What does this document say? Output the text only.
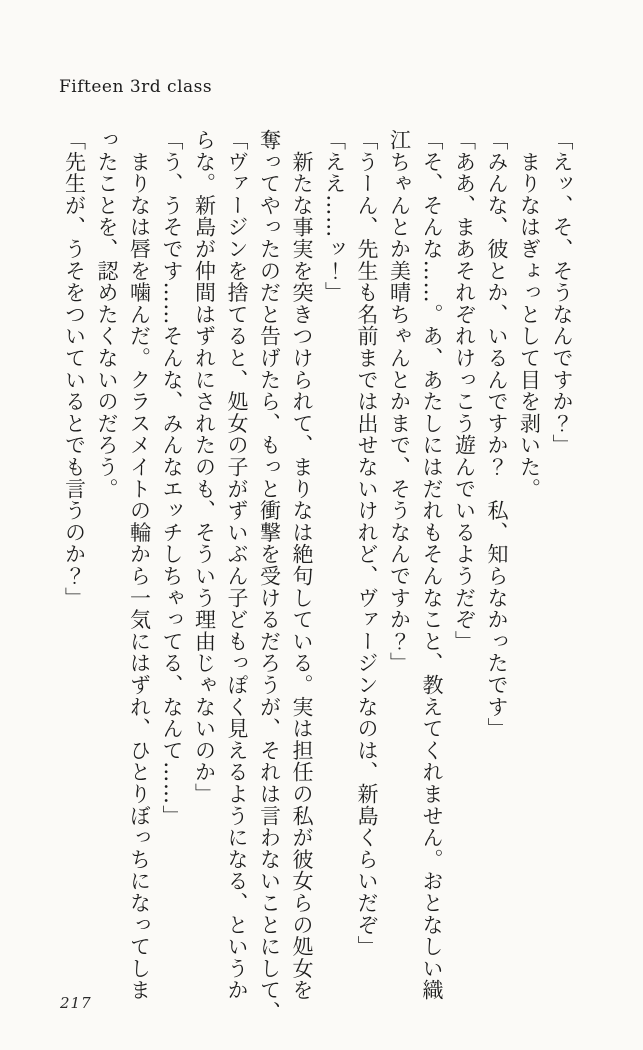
Fifteen 3rd class
「えッ、そ、そうなんですか？」
　まりなはぎょっとして目を剥いた。
「みんな、彼とか、いるんですか？　私、知らなかったです」
「ああ、まあそれぞれけっこう遊んでいるようだぞ」
「そ、そんな……。あ、あたしにはだれもそんなこと、教えてくれません。おとなしい織
江ちゃんとか美晴ちゃんとかまで、そうなんですか？」
「うーん、先生も名前までは出せないけれど、ヴァージンなのは、新島くらいだぞ」
「ええ……ッ！」
　新たな事実を突きつけられて、まりなは絶句している。実は担任の私が彼女らの処女を
奪ってやったのだと告げたら、もっと衝撃を受けるだろうが、それは言わないことにして、
「ヴァージンを捨てると、処女の子がずいぶん子どもっぽく見えるようになる、というか
らな。新島が仲間はずれにされたのも、そういう理由じゃないのか」
「う、うそです……そんな、みんなエッチしちゃってる、なんて……」
　まりなは唇を噛んだ。クラスメイトの輪から一気にはずれ、ひとりぼっちになってしま
ったことを、認めたくないのだろう。
「先生が、うそをついているとでも言うのか？」
217
